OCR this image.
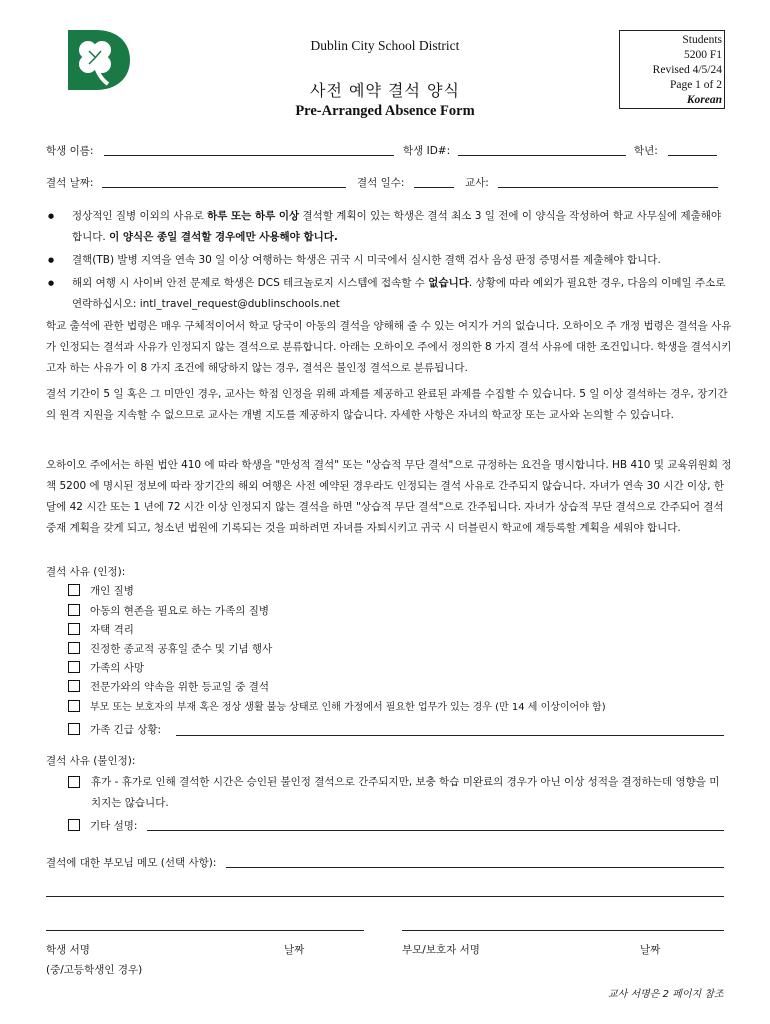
Dublin City School District
사전 예약 결석 양식
Pre-Arranged Absence Form
Students
5200 F1
Revised 4/5/24
Page 1 of 2
Korean
학생 이름:	학생 ID#:	학년:
결석 날짜:	결석 일수:	교사:
● 정상적인 질병 이외의 사유로 하루 또는 하루 이상 결석할 계획이 있는 학생은 결석 최소 3 일 전에 이 양식을 작성하여 학교 사무실에 제출해야 합니다. 이 양식은 종일 결석할 경우에만 사용해야 합니다.
● 결핵(TB) 발병 지역을 연속 30 일 이상 여행하는 학생은 귀국 시 미국에서 실시한 결핵 검사 음성 판정 증명서를 제출해야 합니다.
● 해외 여행 시 사이버 안전 문제로 학생은 DCS 테크놀로지 시스템에 접속할 수 없습니다. 상황에 따라 예외가 필요한 경우, 다음의 이메일 주소로 연락하십시오: intl_travel_request@dublinschools.net
학교 출석에 관한 법령은 매우 구체적이어서 학교 당국이 아동의 결석을 양해해 줄 수 있는 여지가 거의 없습니다. 오하이오 주 개정 법령은 결석을 사유가 인정되는 결석과 사유가 인정되지 않는 결석으로 분류합니다. 아래는 오하이오 주에서 정의한 8 가지 결석 사유에 대한 조건입니다. 학생을 결석시키고자 하는 사유가 이 8 가지 조건에 해당하지 않는 경우, 결석은 불인정 결석으로 분류됩니다.
결석 기간이 5 일 혹은 그 미만인 경우, 교사는 학점 인정을 위해 과제를 제공하고 완료된 과제를 수집할 수 있습니다. 5 일 이상 결석하는 경우, 장기간의 원격 지원을 지속할 수 없으므로 교사는 개별 지도를 제공하지 않습니다. 자세한 사항은 자녀의 학교장 또는 교사와 논의할 수 있습니다.
오하이오 주에서는 하원 법안 410 에 따라 학생을 "만성적 결석" 또는 "상습적 무단 결석"으로 규정하는 요건을 명시합니다. HB 410 및 교육위원회 정책 5200 에 명시된 정보에 따라 장기간의 해외 여행은 사전 예약된 경우라도 인정되는 결석 사유로 간주되지 않습니다. 자녀가 연속 30 시간 이상, 한 달에 42 시간 또는 1 년에 72 시간 이상 인정되지 않는 결석을 하면 "상습적 무단 결석"으로 간주됩니다. 자녀가 상습적 무단 결석으로 간주되어 결석 중재 계획을 갖게 되고, 청소년 법원에 기록되는 것을 피하려면 자녀를 자퇴시키고 귀국 시 더블린시 학교에 재등록할 계획을 세워야 합니다.
결석 사유 (인정):
개인 질병
아동의 현존을 필요로 하는 가족의 질병
자택 격리
진정한 종교적 공휴일 준수 및 기념 행사
가족의 사망
전문가와의 약속을 위한 등교일 중 결석
부모 또는 보호자의 부재 혹은 정상 생활 불능 상태로 인해 가정에서 필요한 업무가 있는 경우 (만 14 세 이상이어야 함)
가족 긴급 상황:
결석 사유 (불인정):
휴가 - 휴가로 인해 결석한 시간은 승인된 불인정 결석으로 간주되지만, 보충 학습 미완료의 경우가 아닌 이상 성적을 결정하는데 영향을 미치지는 않습니다.
기타 설명:
결석에 대한 부모님 메모 (선택 사항):
학생 서명	날짜	부모/보호자 서명	날짜
(중/고등학생인 경우)
교사 서명은 2 페이지 참조
